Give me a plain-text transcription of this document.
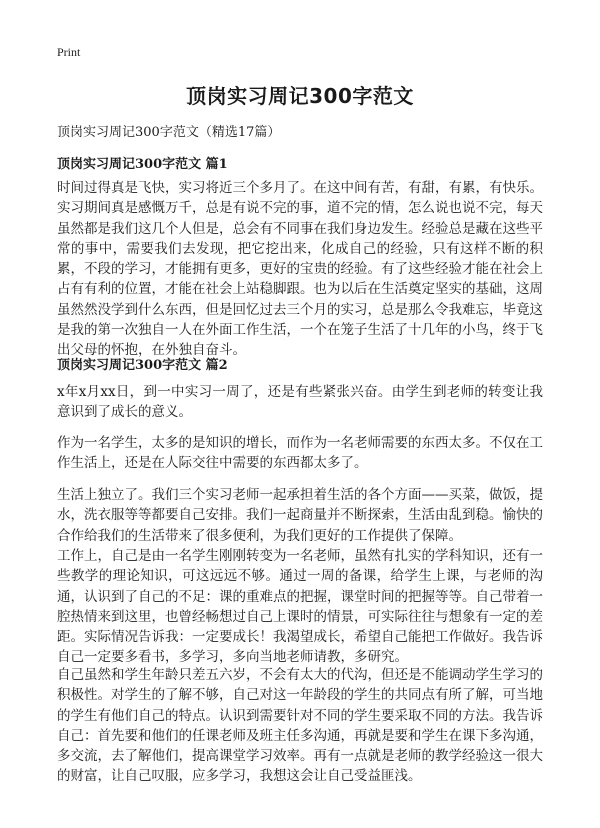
Print
顶岗实习周记300字范文
顶岗实习周记300字范文（精选17篇）
顶岗实习周记300字范文 篇1

时间过得真是飞快，实习将近三个多月了。在这中间有苦，有甜，有累，有快乐。实习期间真是感慨万千，总是有说不完的事，道不完的情，怎么说也说不完，每天虽然都是我们这几个人但是，总会有不同事在我们身边发生。经验总是藏在这些平常的事中，需要我们去发现，把它挖出来，化成自己的经验，只有这样不断的积累，不段的学习，才能拥有更多，更好的宝贵的经验。有了这些经验才能在社会上占有有利的位置，才能在社会上站稳脚跟。也为以后在生活奠定坚实的基础，这周虽然然没学到什么东西，但是回忆过去三个月的实习，总是那么令我难忘，毕竟这是我的第一次独自一人在外面工作生活，一个在笼子生活了十几年的小鸟，终于飞出父母的怀抱，在外独自奋斗。

顶岗实习周记300字范文 篇2

x年x月xx日，到一中实习一周了，还是有些紧张兴奋。由学生到老师的转变让我意识到了成长的意义。

作为一名学生，太多的是知识的增长，而作为一名老师需要的东西太多。不仅在工作生活上，还是在人际交往中需要的东西都太多了。

生活上独立了。我们三个实习老师一起承担着生活的各个方面——买菜，做饭，提水，洗衣服等等都要自己安排。我们一起商量并不断探索，生活由乱到稳。愉快的合作给我们的生活带来了很多便利，为我们更好的工作提供了保障。

工作上，自己是由一名学生刚刚转变为一名老师，虽然有扎实的学科知识，还有一些教学的理论知识，可这远远不够。通过一周的备课，给学生上课，与老师的沟通，认识到了自己的不足：课的重难点的把握，课堂时间的把握等等。自己带着一腔热情来到这里，也曾经畅想过自己上课时的情景，可实际往往与想象有一定的差距。实际情况告诉我：一定要成长！我渴望成长，希望自己能把工作做好。我告诉自己一定要多看书，多学习，多向当地老师请教，多研究。

自己虽然和学生年龄只差五六岁，不会有太大的代沟，但还是不能调动学生学习的积极性。对学生的了解不够，自己对这一年龄段的学生的共同点有所了解，可当地的学生有他们自己的特点。认识到需要针对不同的学生要采取不同的方法。我告诉自己：首先要和他们的任课老师及班主任多沟通，再就是要和学生在课下多沟通，多交流，去了解他们，提高课堂学习效率。再有一点就是老师的教学经验这一很大的财富，让自己叹服，应多学习，我想这会让自己受益匪浅。
